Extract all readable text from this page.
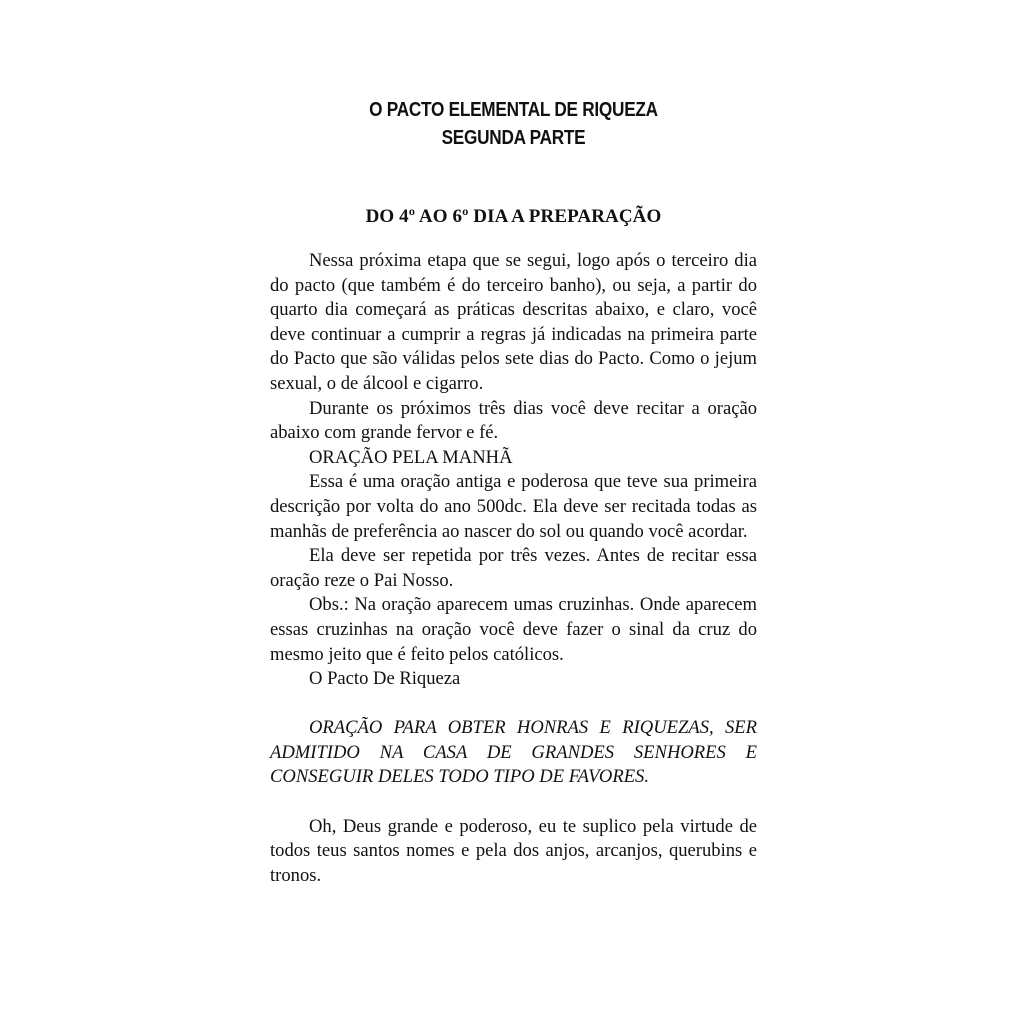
O PACTO ELEMENTAL DE RIQUEZA
SEGUNDA PARTE
DO 4º AO 6º DIA A PREPARAÇÃO

Nessa próxima etapa que se segui, logo após o terceiro dia do pacto (que também é do terceiro banho), ou seja, a partir do quarto dia começará as práticas descritas abaixo, e claro, você deve continuar a cumprir a regras já indicadas na primeira parte do Pacto que são válidas pelos sete dias do Pacto. Como o jejum sexual, o de álcool e cigarro.

Durante os próximos três dias você deve recitar a oração abaixo com grande fervor e fé.

ORAÇÃO PELA MANHÃ

Essa é uma oração antiga e poderosa que teve sua primeira descrição por volta do ano 500dc. Ela deve ser recitada todas as manhãs de preferência ao nascer do sol ou quando você acordar.

Ela deve ser repetida por três vezes. Antes de recitar essa oração reze o Pai Nosso.

Obs.: Na oração aparecem umas cruzinhas. Onde aparecem essas cruzinhas na oração você deve fazer o sinal da cruz do mesmo jeito que é feito pelos católicos.

O Pacto De Riqueza

ORAÇÃO PARA OBTER HONRAS E RIQUEZAS, SER ADMITIDO NA CASA DE GRANDES SENHORES E CONSEGUIR DELES TODO TIPO DE FAVORES.

Oh, Deus grande e poderoso, eu te suplico pela virtude de todos teus santos nomes e pela dos anjos, arcanjos, querubins e tronos.
